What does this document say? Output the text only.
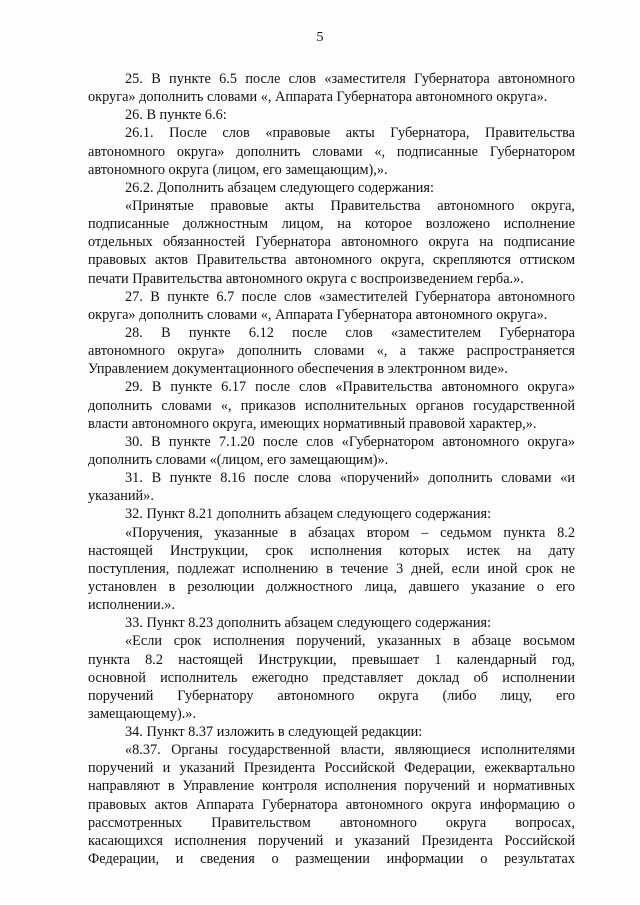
5
25. В пункте 6.5 после слов «заместителя Губернатора автономного
округа» дополнить словами «, Аппарата Губернатора автономного округа».
26. В пункте 6.6:
26.1. После слов «правовые акты Губернатора, Правительства
автономного округа» дополнить словами «, подписанные Губернатором
автономного округа (лицом, его замещающим),».
26.2. Дополнить абзацем следующего содержания:
«Принятые правовые акты Правительства автономного округа,
подписанные должностным лицом, на которое возложено исполнение
отдельных обязанностей Губернатора автономного округа на подписание
правовых актов Правительства автономного округа, скрепляются оттиском
печати Правительства автономного округа с воспроизведением герба.».
27. В пункте 6.7 после слов «заместителей Губернатора автономного
округа» дополнить словами «, Аппарата Губернатора автономного округа».
28. В пункте 6.12 после слов «заместителем Губернатора
автономного округа» дополнить словами «, а также распространяется
Управлением документационного обеспечения в электронном виде».
29. В пункте 6.17 после слов «Правительства автономного округа»
дополнить словами «, приказов исполнительных органов государственной
власти автономного округа, имеющих нормативный правовой характер,».
30. В пункте 7.1.20 после слов «Губернатором автономного округа»
дополнить словами «(лицом, его замещающим)».
31. В пункте 8.16 после слова «поручений» дополнить словами «и
указаний».
32. Пункт 8.21 дополнить абзацем следующего содержания:
«Поручения, указанные в абзацах втором – седьмом пункта 8.2
настоящей Инструкции, срок исполнения которых истек на дату
поступления, подлежат исполнению в течение 3 дней, если иной срок не
установлен в резолюции должностного лица, давшего указание о его
исполнении.».
33. Пункт 8.23 дополнить абзацем следующего содержания:
«Если срок исполнения поручений, указанных в абзаце восьмом
пункта 8.2 настоящей Инструкции, превышает 1 календарный год,
основной исполнитель ежегодно представляет доклад об исполнении
поручений Губернатору автономного округа (либо лицу, его
замещающему).».
34. Пункт 8.37 изложить в следующей редакции:
«8.37. Органы государственной власти, являющиеся исполнителями
поручений и указаний Президента Российской Федерации, ежеквартально
направляют в Управление контроля исполнения поручений и нормативных
правовых актов Аппарата Губернатора автономного округа информацию о
рассмотренных Правительством автономного округа вопросах,
касающихся исполнения поручений и указаний Президента Российской
Федерации, и сведения о размещении информации о результатах
